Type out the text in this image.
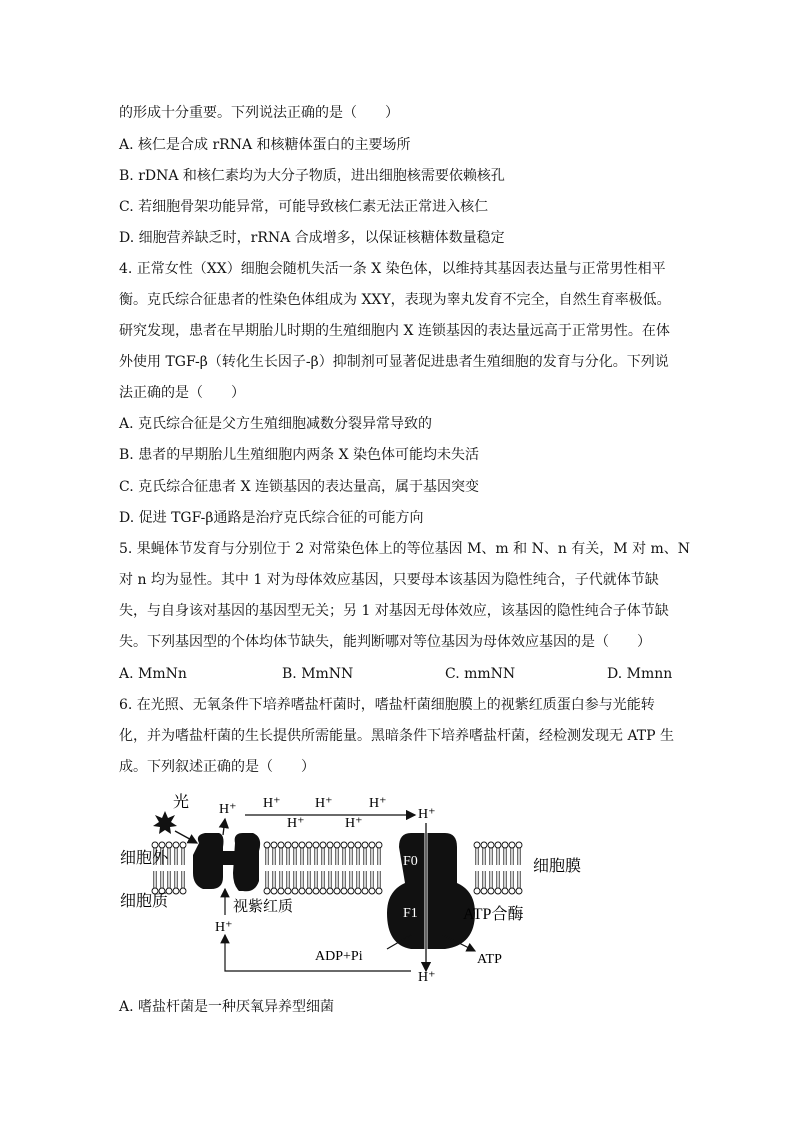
的形成十分重要。下列说法正确的是（　　）
A. 核仁是合成 rRNA 和核糖体蛋白的主要场所
B. rDNA 和核仁素均为大分子物质，进出细胞核需要依赖核孔
C. 若细胞骨架功能异常，可能导致核仁素无法正常进入核仁
D. 细胞营养缺乏时，rRNA 合成增多，以保证核糖体数量稳定
4. 正常女性（XX）细胞会随机失活一条 X 染色体，以维持其基因表达量与正常男性相平
衡。克氏综合征患者的性染色体组成为 XXY，表现为睾丸发育不完全，自然生育率极低。
研究发现，患者在早期胎儿时期的生殖细胞内 X 连锁基因的表达量远高于正常男性。在体
外使用 TGF-β（转化生长因子-β）抑制剂可显著促进患者生殖细胞的发育与分化。下列说
法正确的是（　　）
A. 克氏综合征是父方生殖细胞减数分裂异常导致的
B. 患者的早期胎儿生殖细胞内两条 X 染色体可能均未失活
C. 克氏综合征患者 X 连锁基因的表达量高，属于基因突变
D. 促进 TGF-β通路是治疗克氏综合征的可能方向
5. 果蝇体节发育与分别位于 2 对常染色体上的等位基因 M、m 和 N、n 有关，M 对 m、N
对 n 均为显性。其中 1 对为母体效应基因，只要母本该基因为隐性纯合，子代就体节缺
失，与自身该对基因的基因型无关；另 1 对基因无母体效应，该基因的隐性纯合子体节缺
失。下列基因型的个体均体节缺失，能判断哪对等位基因为母体效应基因的是（　　）
A. MmNn	B. MmNN	C. mmNN	D. Mmnn
6. 在光照、无氧条件下培养嗜盐杆菌时，嗜盐杆菌细胞膜上的视紫红质蛋白参与光能转
化，并为嗜盐杆菌的生长提供所需能量。黑暗条件下培养嗜盐杆菌，经检测发现无 ATP 生
成。下列叙述正确的是（　　）
光
细胞外
细胞质
细胞膜
视紫红质
H⁺ H⁺ H⁺	H⁺
H⁺	H⁺
H⁺
F0
F1	ATP合酶
ADP+Pi	ATP
H⁺
H⁺
A. 嗜盐杆菌是一种厌氧异养型细菌
